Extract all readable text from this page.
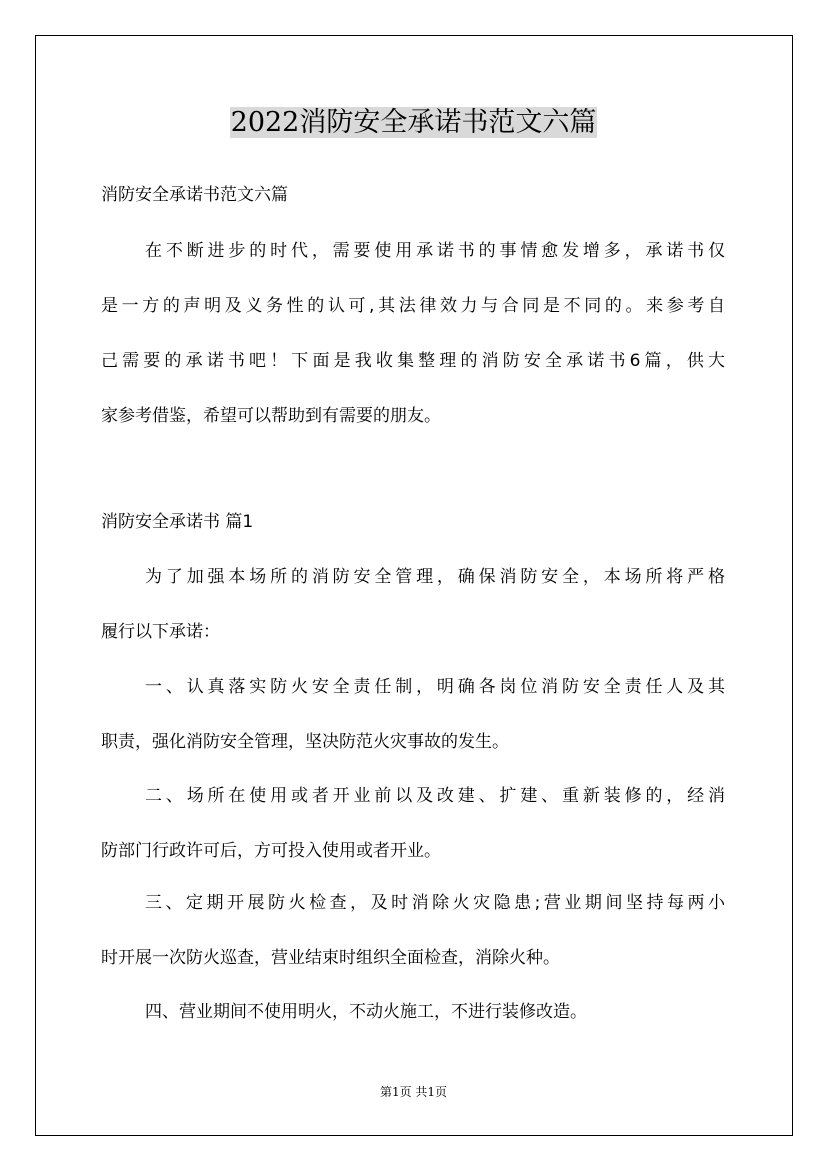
2022消防安全承诺书范文六篇
消防安全承诺书范文六篇
在不断进步的时代，需要使用承诺书的事情愈发增多，承诺书仅
是一方的声明及义务性的认可,其法律效力与合同是不同的。来参考自
己需要的承诺书吧！下面是我收集整理的消防安全承诺书6篇，供大
家参考借鉴，希望可以帮助到有需要的朋友。
消防安全承诺书 篇1
为了加强本场所的消防安全管理，确保消防安全，本场所将严格
履行以下承诺：
一、认真落实防火安全责任制，明确各岗位消防安全责任人及其
职责，强化消防安全管理，坚决防范火灾事故的发生。
二、场所在使用或者开业前以及改建、扩建、重新装修的，经消
防部门行政许可后，方可投入使用或者开业。
三、定期开展防火检查，及时消除火灾隐患;营业期间坚持每两小
时开展一次防火巡查，营业结束时组织全面检查，消除火种。
四、营业期间不使用明火，不动火施工，不进行装修改造。
第1页 共1页
